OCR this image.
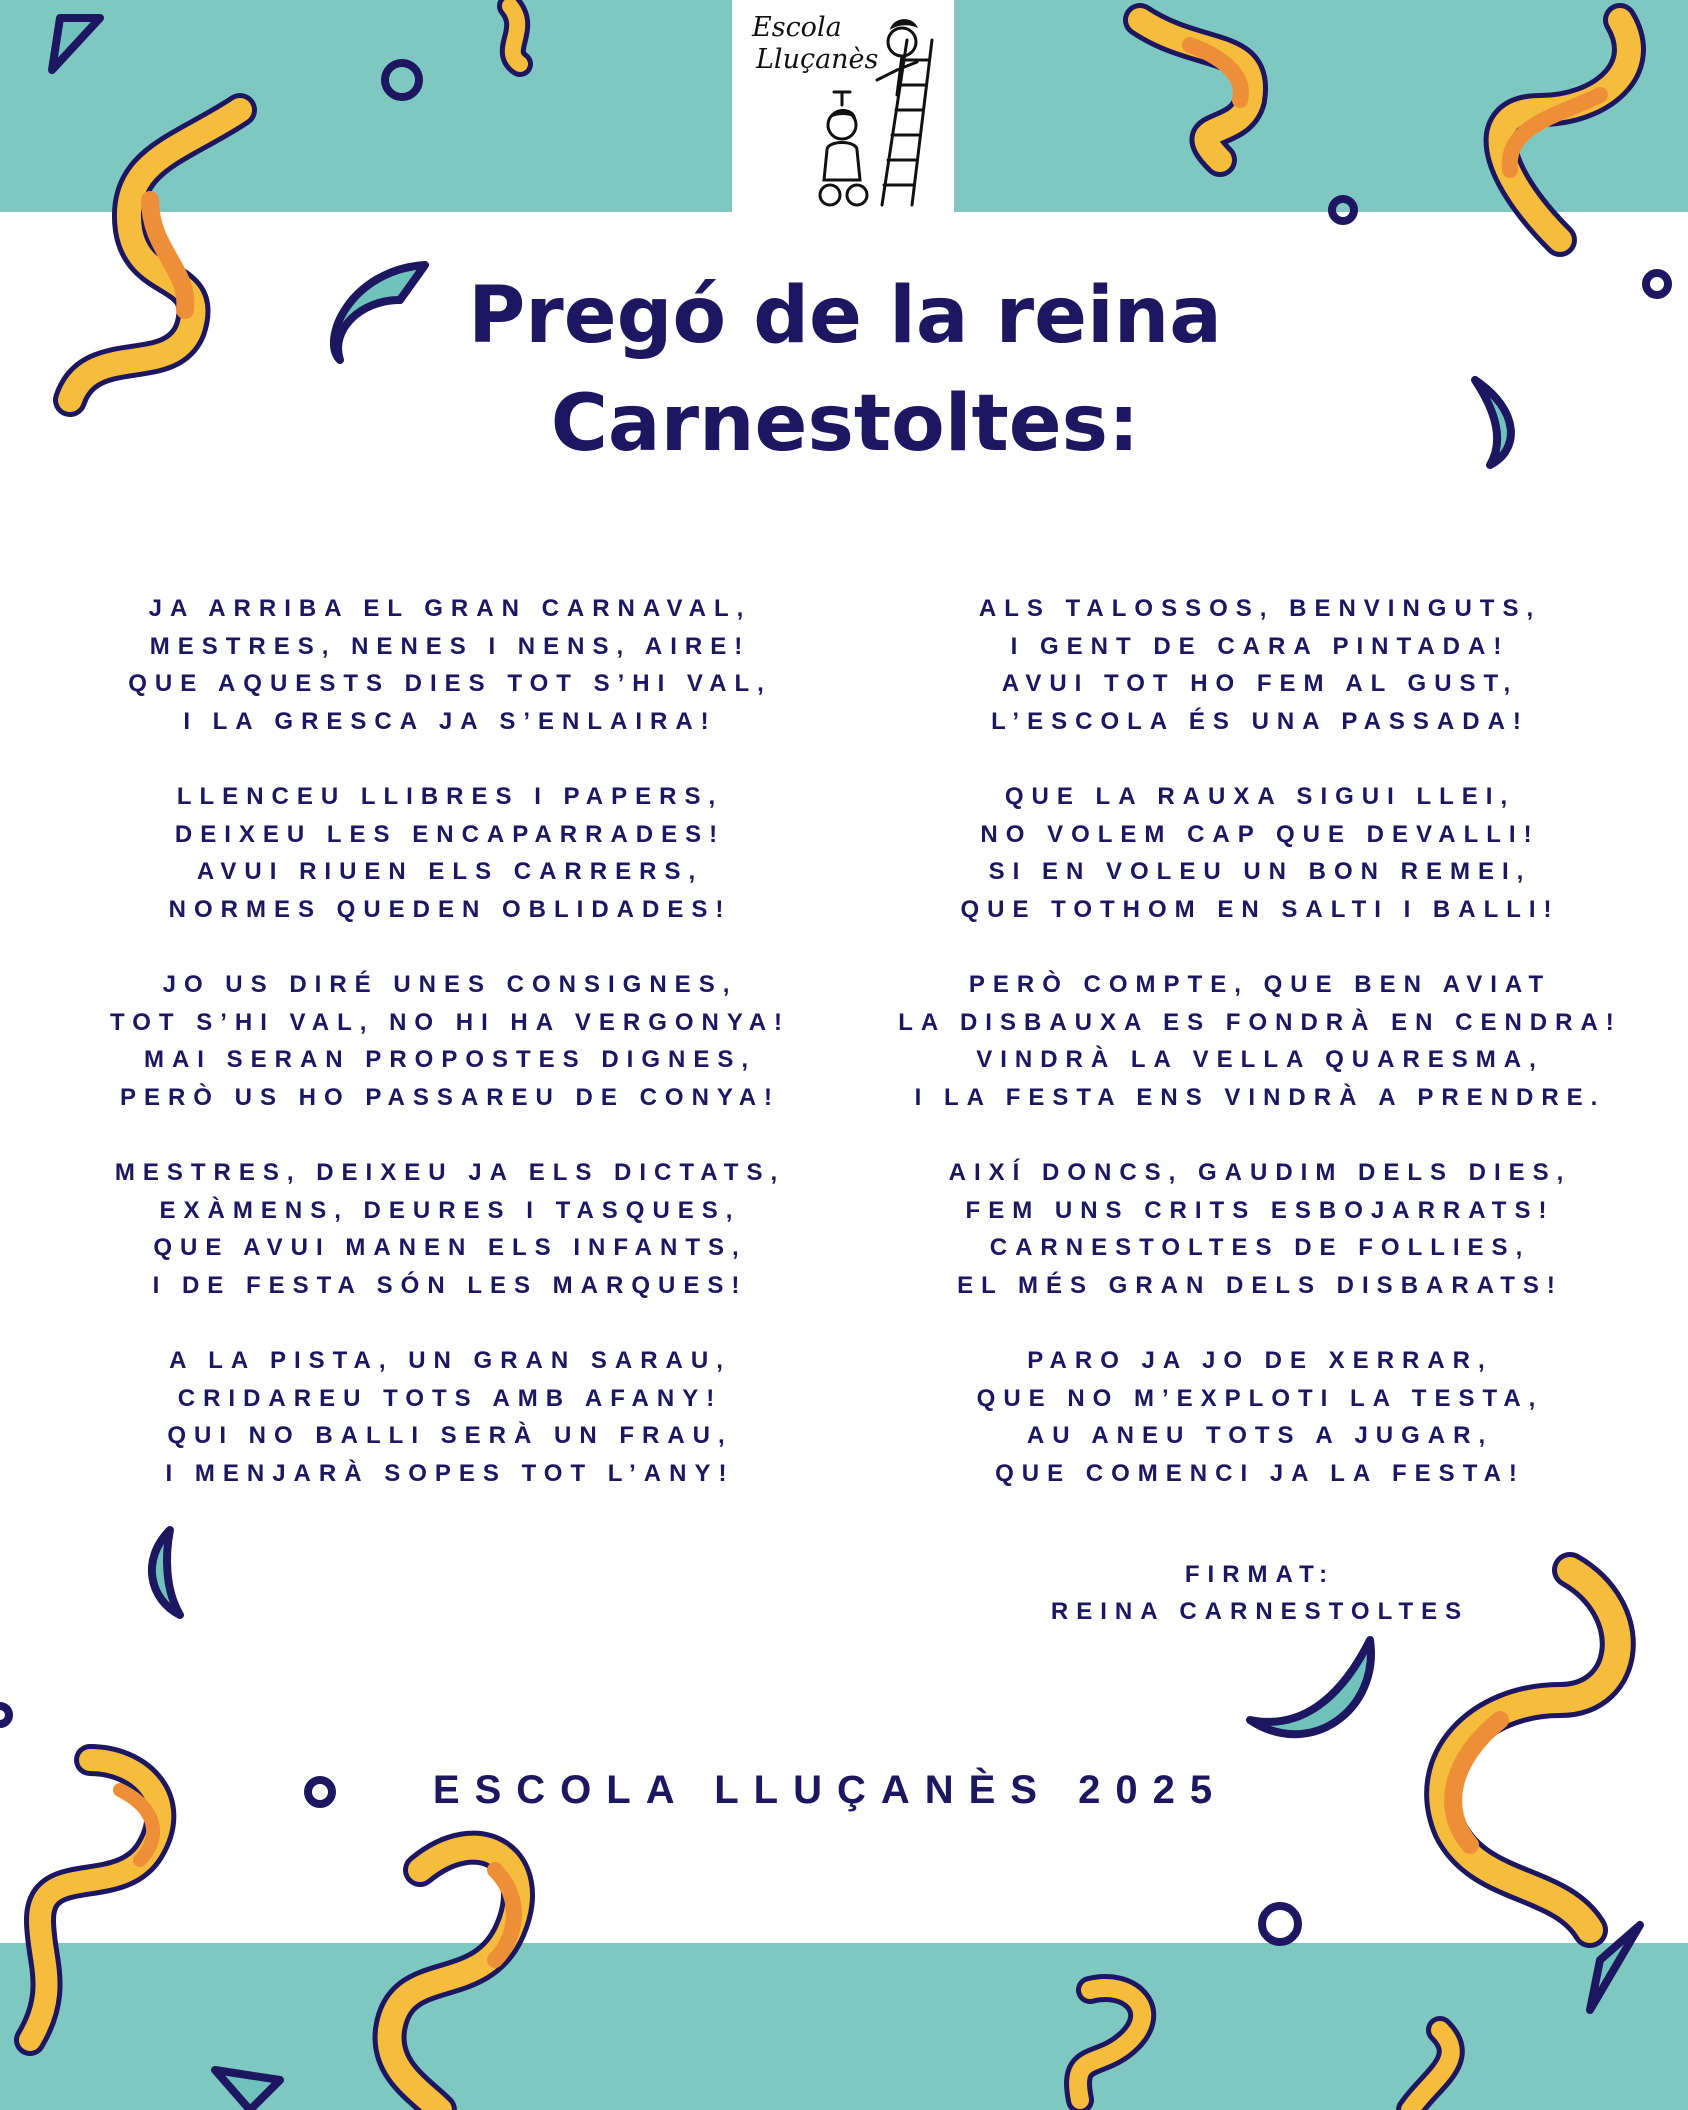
Escola
Lluçanès
Pregó de la reina
Carnestoltes:
JA ARRIBA EL GRAN CARNAVAL,
MESTRES, NENES I NENS, AIRE!
QUE AQUESTS DIES TOT S’HI VAL,
I LA GRESCA JA S’ENLAIRA!
LLENCEU LLIBRES I PAPERS,
DEIXEU LES ENCAPARRADES!
AVUI RIUEN ELS CARRERS,
NORMES QUEDEN OBLIDADES!
JO US DIRÉ UNES CONSIGNES,
TOT S’HI VAL, NO HI HA VERGONYA!
MAI SERAN PROPOSTES DIGNES,
PERÒ US HO PASSAREU DE CONYA!
MESTRES, DEIXEU JA ELS DICTATS,
EXÀMENS, DEURES I TASQUES,
QUE AVUI MANEN ELS INFANTS,
I DE FESTA SÓN LES MARQUES!
A LA PISTA, UN GRAN SARAU,
CRIDAREU TOTS AMB AFANY!
QUI NO BALLI SERÀ UN FRAU,
I MENJARÀ SOPES TOT L’ANY!
ALS TALOSSOS, BENVINGUTS,
I GENT DE CARA PINTADA!
AVUI TOT HO FEM AL GUST,
L’ESCOLA ÉS UNA PASSADA!
QUE LA RAUXA SIGUI LLEI,
NO VOLEM CAP QUE DEVALLI!
SI EN VOLEU UN BON REMEI,
QUE TOTHOM EN SALTI I BALLI!
PERÒ COMPTE, QUE BEN AVIAT
LA DISBAUXA ES FONDRÀ EN CENDRA!
VINDRÀ LA VELLA QUARESMA,
I LA FESTA ENS VINDRÀ A PRENDRE.
AIXÍ DONCS, GAUDIM DELS DIES,
FEM UNS CRITS ESBOJARRATS!
CARNESTOLTES DE FOLLIES,
EL MÉS GRAN DELS DISBARATS!
PARO JA JO DE XERRAR,
QUE NO M’EXPLOTI LA TESTA,
AU ANEU TOTS A JUGAR,
QUE COMENCI JA LA FESTA!
FIRMAT:
REINA CARNESTOLTES
ESCOLA LLUÇANÈS 2025
